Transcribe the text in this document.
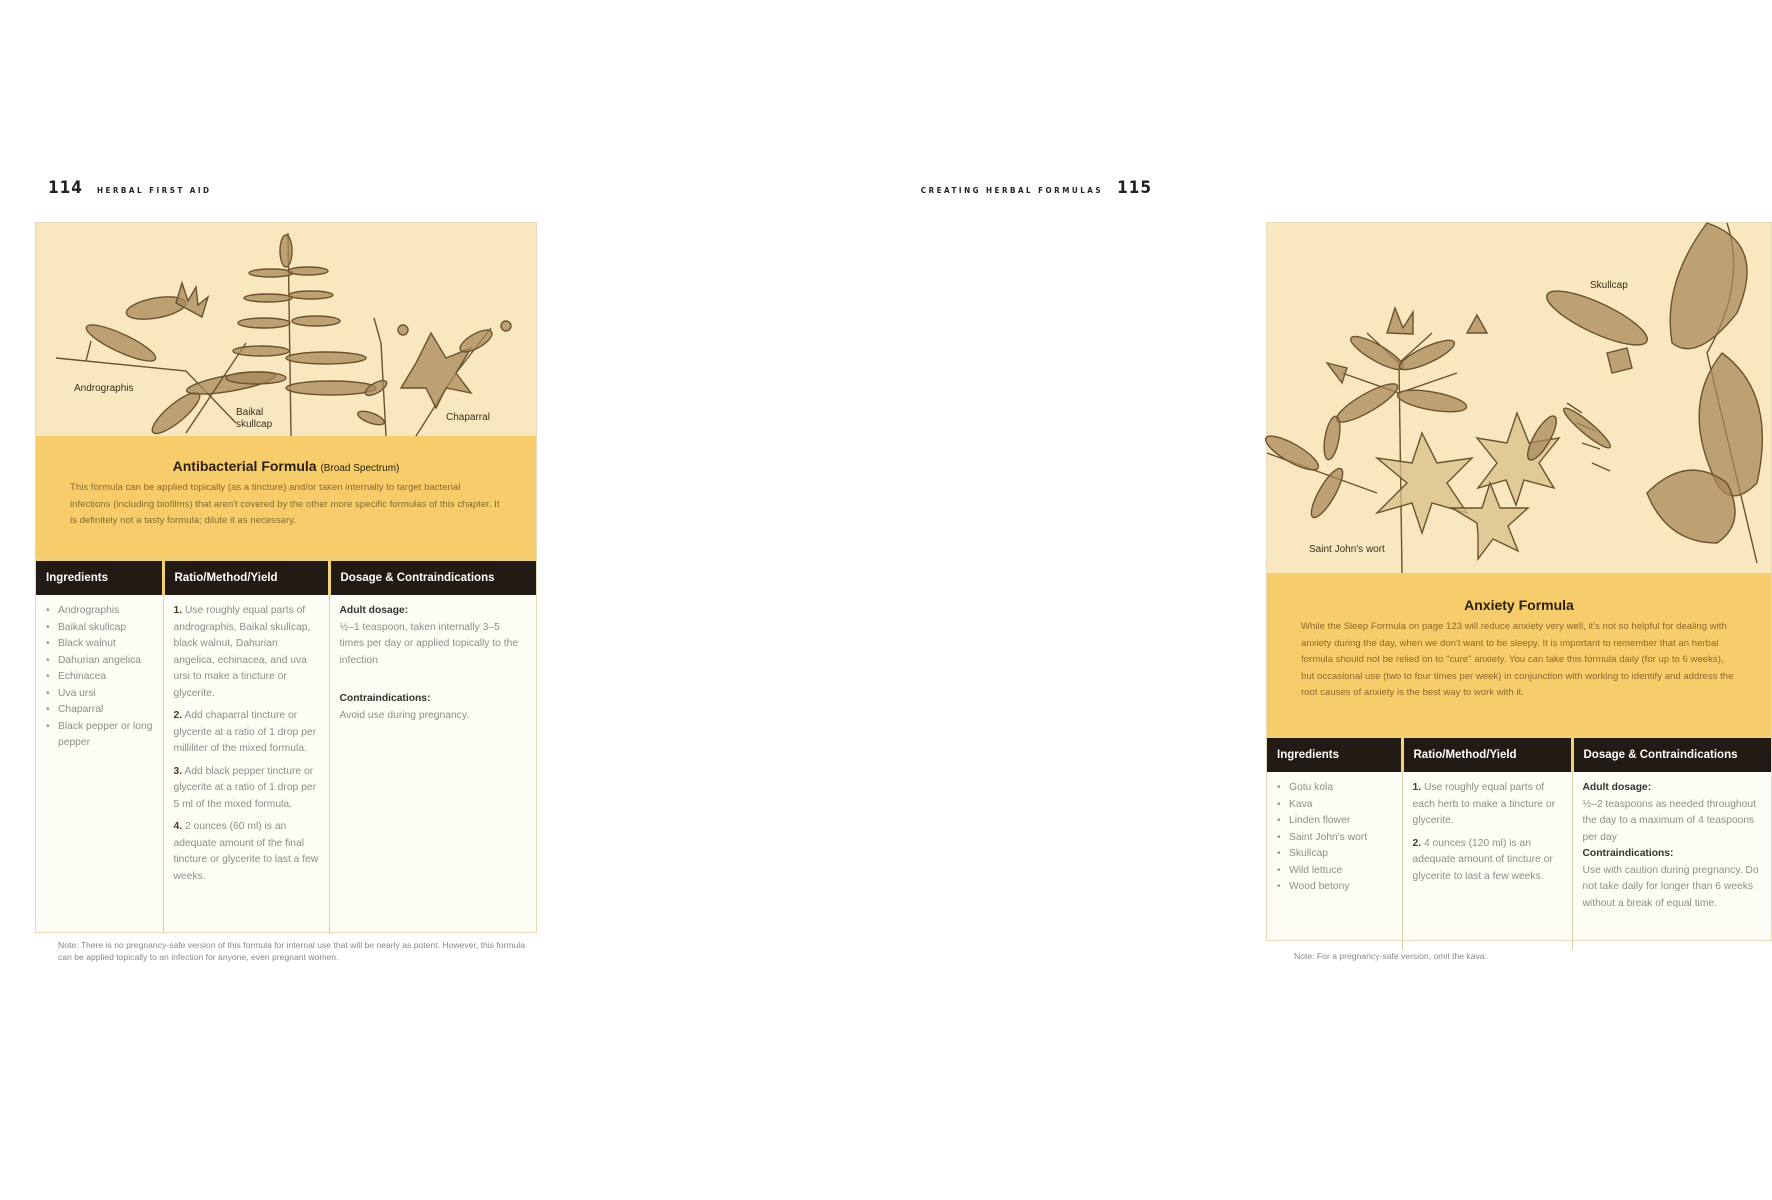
114 HERBAL FIRST AID
Andrographis
Baikal skullcap
Chaparral
Antibacterial Formula (Broad Spectrum)
This formula can be applied topically (as a tincture) and/or taken internally to target bacterial infections (including biofilms) that aren't covered by the other more specific formulas of this chapter. It is definitely not a tasty formula; dilute it as necessary.
Ingredients	Ratio/Method/Yield	Dosage & Contraindications

• Andrographis
• Baikal skullcap
• Black walnut
• Dahurian angelica
• Echinacea
• Uva ursi
• Chaparral
• Black pepper or long pepper

1. Use roughly equal parts of andrographis, Baikal skullcap, black walnut, Dahurian angelica, echinacea, and uva ursi to make a tincture or glycerite.
2. Add chaparral tincture or glycerite at a ratio of 1 drop per milliliter of the mixed formula.
3. Add black pepper tincture or glycerite at a ratio of 1 drop per 5 ml of the mixed formula.
4. 2 ounces (60 ml) is an adequate amount of the final tincture or glycerite to last a few weeks.

Adult dosage:
½–1 teaspoon, taken internally 3–5 times per day or applied topically to the infection
Contraindications:
Avoid use during pregnancy.
Note: There is no pregnancy-safe version of this formula for internal use that will be nearly as potent. However, this formula can be applied topically to an infection for anyone, even pregnant women.
CREATING HERBAL FORMULAS 115
Skullcap
Saint John's wort
Anxiety Formula
While the Sleep Formula on page 123 will reduce anxiety very well, it's not so helpful for dealing with anxiety during the day, when we don't want to be sleepy. It is important to remember that an herbal formula should not be relied on to "cure" anxiety. You can take this formula daily (for up to 6 weeks), but occasional use (two to four times per week) in conjunction with working to identify and address the root causes of anxiety is the best way to work with it.
Ingredients	Ratio/Method/Yield	Dosage & Contraindications

• Gotu kola
• Kava
• Linden flower
• Saint John's wort
• Skullcap
• Wild lettuce
• Wood betony

1. Use roughly equal parts of each herb to make a tincture or glycerite.
2. 4 ounces (120 ml) is an adequate amount of tincture or glycerite to last a few weeks.

Adult dosage:
½–2 teaspoons as needed throughout the day to a maximum of 4 teaspoons per day
Contraindications:
Use with caution during pregnancy. Do not take daily for longer than 6 weeks without a break of equal time.
Note: For a pregnancy-safe version, omit the kava.
